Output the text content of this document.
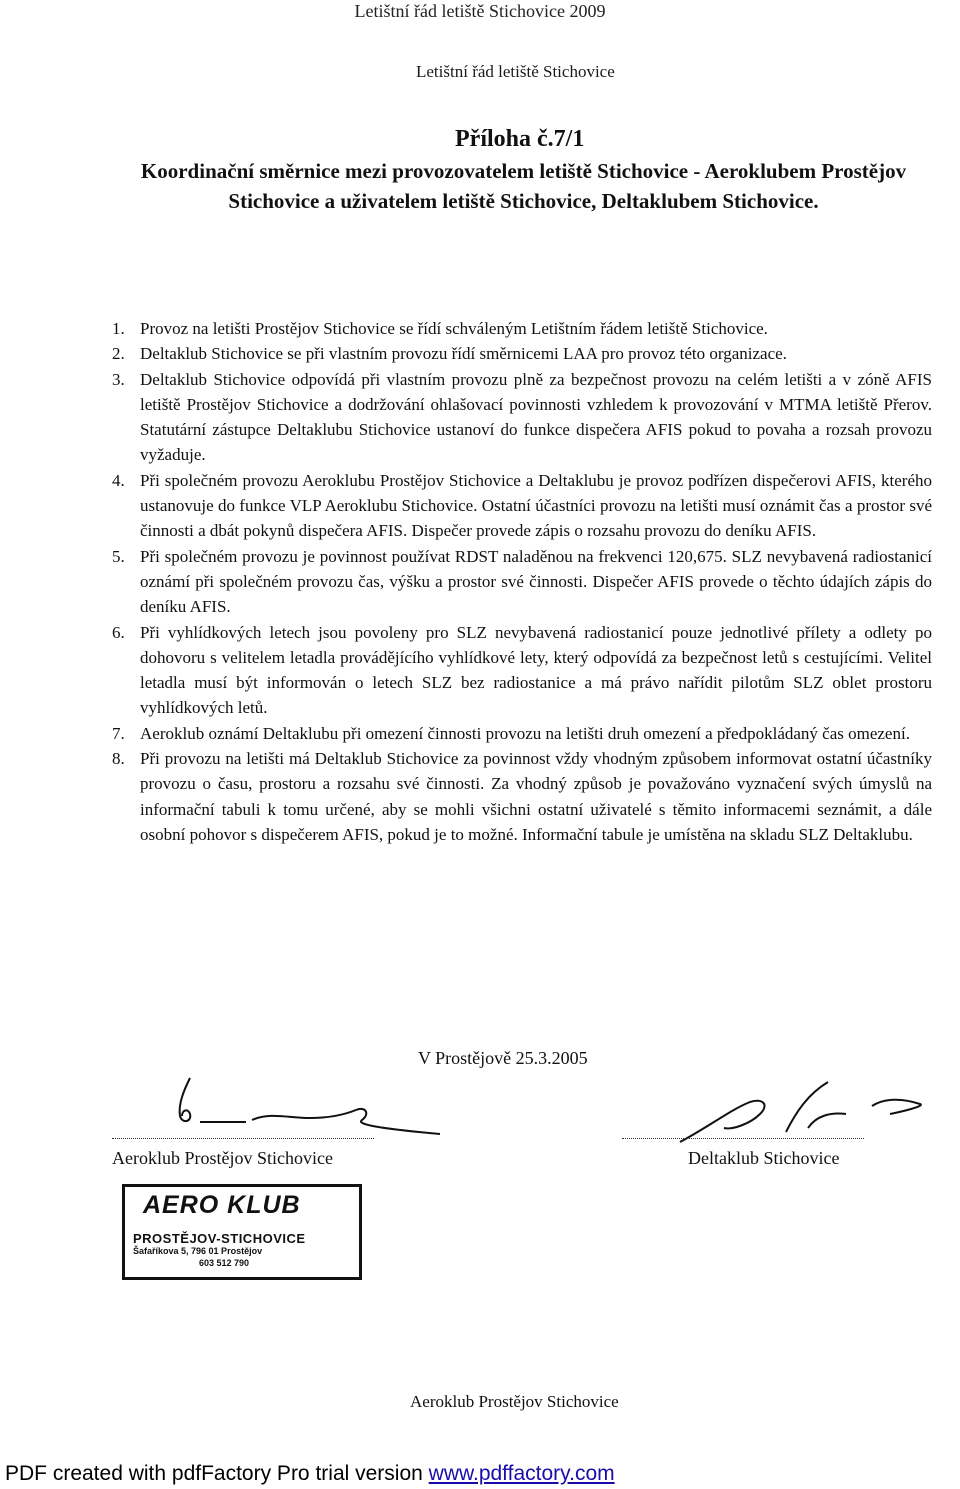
Letištní řád letiště Stichovice 2009
Letištní řád letiště Stichovice
Příloha č.7/1
Koordinační směrnice mezi provozovatelem letiště Stichovice - Aeroklubem Prostějov Stichovice a uživatelem letiště Stichovice, Deltaklubem Stichovice.
1. Provoz na letišti Prostějov Stichovice se řídí schváleným Letištním řádem letiště Stichovice.
2. Deltaklub Stichovice se při vlastním provozu řídí směrnicemi LAA pro provoz této organizace.
3. Deltaklub Stichovice odpovídá při vlastním provozu plně za bezpečnost provozu na celém letišti a v zóně AFIS letiště Prostějov Stichovice a dodržování ohlašovací povinnosti vzhledem k provozování v MTMA letiště Přerov. Statutární zástupce Deltaklubu Stichovice ustanoví do funkce dispečera AFIS pokud to povaha a rozsah provozu vyžaduje.
4. Při společném provozu Aeroklubu Prostějov Stichovice a Deltaklubu je provoz podřízen dispečerovi AFIS, kterého ustanovuje do funkce VLP Aeroklubu Stichovice. Ostatní účastníci provozu na letišti musí oznámit čas a prostor své činnosti a dbát pokynů dispečera AFIS. Dispečer provede zápis o rozsahu provozu do deníku AFIS.
5. Při společném provozu je povinnost používat RDST naladěnou na frekvenci 120,675. SLZ nevybavená radiostanicí oznámí při společném provozu čas, výšku a prostor své činnosti. Dispečer AFIS provede o těchto údajích zápis do deníku AFIS.
6. Při vyhlídkových letech jsou povoleny pro SLZ nevybavená radiostanicí pouze jednotlivé přílety a odlety po dohovoru s velitelem letadla provádějícího vyhlídkové lety, který odpovídá za bezpečnost letů s cestujícími. Velitel letadla musí být informován o letech SLZ bez radiostanice a má právo nařídit pilotům SLZ oblet prostoru vyhlídkových letů.
7. Aeroklub oznámí Deltaklubu při omezení činnosti provozu na letišti druh omezení a předpokládaný čas omezení.
8. Při provozu na letišti má Deltaklub Stichovice za povinnost vždy vhodným způsobem informovat ostatní účastníky provozu o času, prostoru a rozsahu své činnosti. Za vhodný způsob je považováno vyznačení svých úmyslů na informační tabuli k tomu určené, aby se mohli všichni ostatní uživatelé s těmito informacemi seznámit, a dále osobní pohovor s dispečerem AFIS, pokud je to možné. Informační tabule je umístěna na skladu SLZ Deltaklubu.
V Prostějově 25.3.2005
Aeroklub Prostějov Stichovice	Deltaklub Stichovice
AERO KLUB
PROSTĚJOV-STICHOVICE
Šafaříkova 5, 796 01 Prostějov
603 512 790
Aeroklub Prostějov Stichovice
PDF created with pdfFactory Pro trial version www.pdffactory.com
